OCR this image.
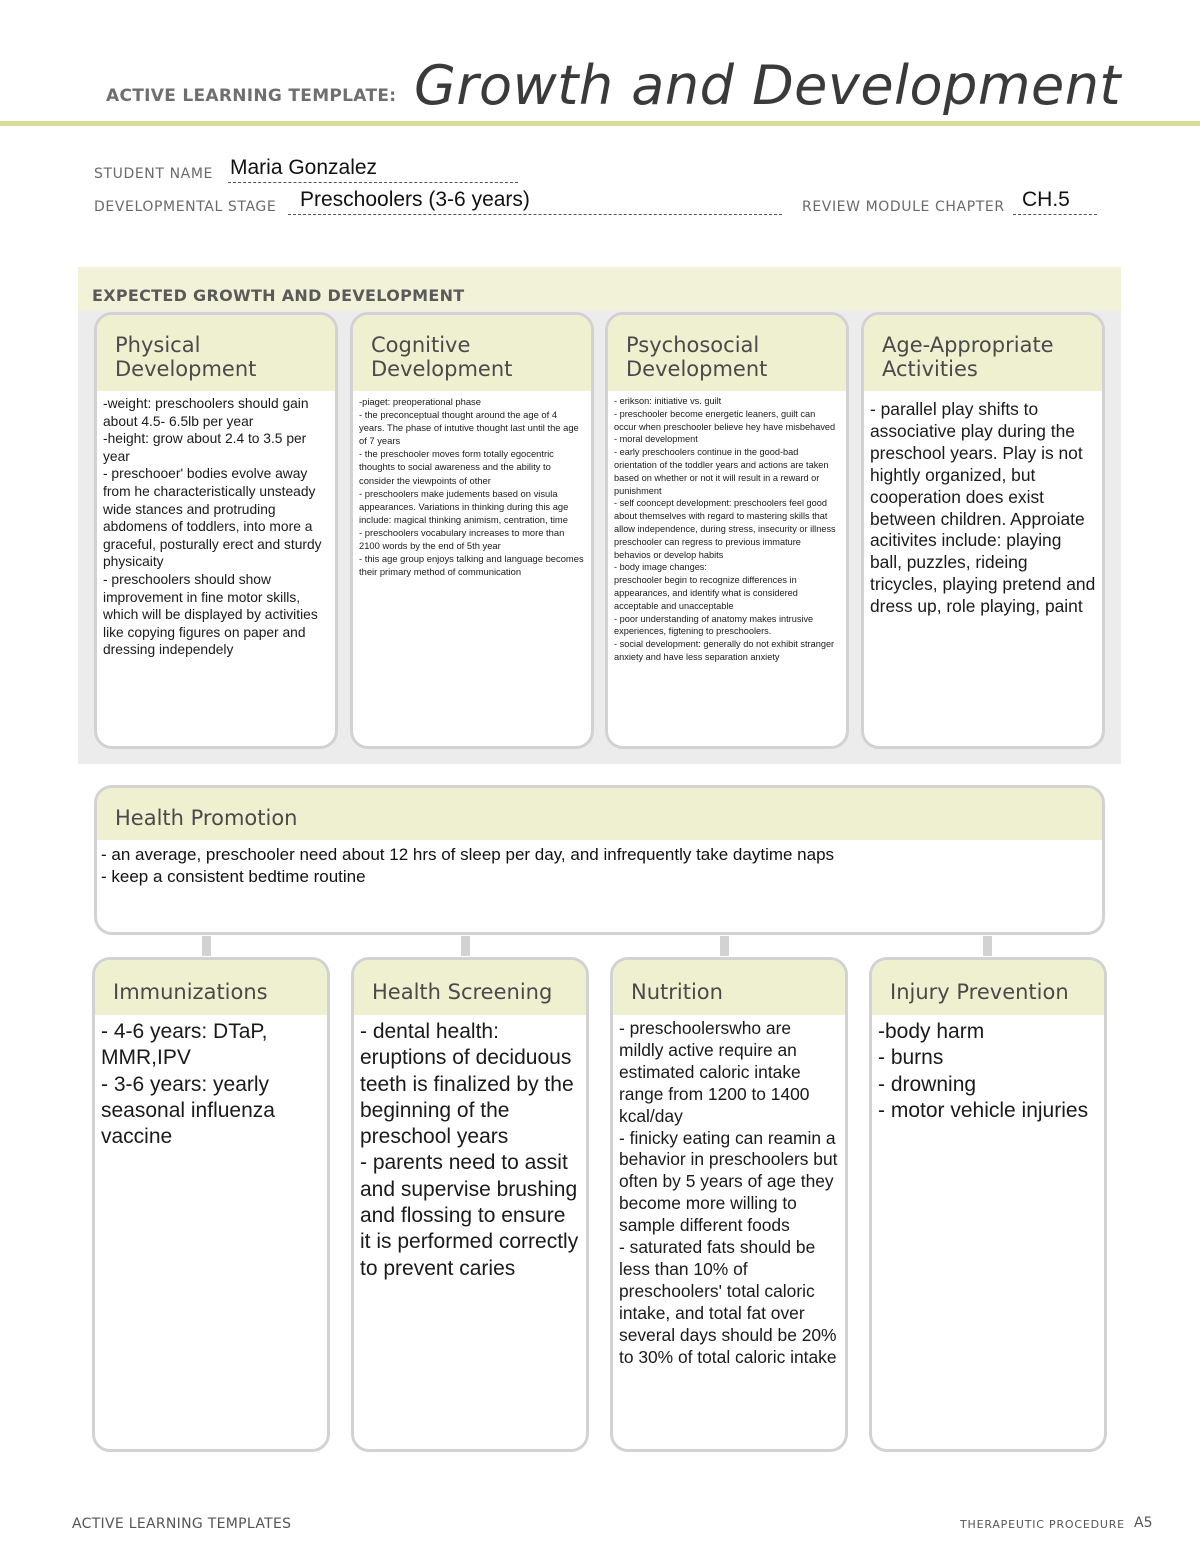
ACTIVE LEARNING TEMPLATE: Growth and Development
STUDENT NAME Maria Gonzalez
DEVELOPMENTAL STAGE Preschoolers (3-6 years)	REVIEW MODULE CHAPTER CH.5
EXPECTED GROWTH AND DEVELOPMENT
Physical
Development
-weight: preschoolers should gain about 4.5- 6.5lb per year
-height: grow about 2.4 to 3.5 per year
- preschooer' bodies evolve away from he characteristically unsteady wide stances and protruding abdomens of toddlers, into more a graceful, posturally erect and sturdy physicaity
- preschoolers should show improvement in fine motor skills, which will be displayed by activities like copying figures on paper and dressing independely
Cognitive
Development
-piaget: preoperational phase
- the preconceptual thought around the age of 4 years. The phase of intutive thought last until the age of 7 years
- the preschooler moves form totally egocentric thoughts to social awareness and the ability to consider the viewpoints of other
- preschoolers make judements based on visula appearances. Variations in thinking during this age include: magical thinking animism, centration, time
- preschoolers vocabulary increases to more than 2100 words by the end of 5th year
- this age group enjoys talking and language becomes their primary method of communication
Psychosocial
Development
- erikson: initiative vs. guilt
- preschooler become energetic leaners, guilt can occur when preschooler believe hey have misbehaved
- moral development
- early preschoolers continue in the good-bad orientation of the toddler years and actions are taken based on whether or not it will result in a reward or punishment
- self cooncept development: preschoolers feel good about themselves with regard to mastering skills that allow independence, during stress, insecurity or illness preschooler can regress to previous immature behavios or develop habits
- body image changes:
preschooler begin to recognize differences in appearances, and identify what is considered acceptable and unacceptable
- poor understanding of anatomy makes intrusive experiences, figtening to preschoolers.
- social development: generally do not exhibit stranger anxiety and have less separation anxiety
Age-Appropriate
Activities
- parallel play shifts to associative play during the preschool years. Play is not hightly organized, but cooperation does exist between children. Approiate acitivites include: playing ball, puzzles, rideing tricycles, playing pretend and dress up, role playing, paint
Health Promotion
- an average, preschooler need about 12 hrs of sleep per day, and infrequently take daytime naps
- keep a consistent bedtime routine
Immunizations
- 4-6 years: DTaP, MMR,IPV
- 3-6 years: yearly seasonal influenza vaccine
Health Screening
- dental health: eruptions of deciduous teeth is finalized by the beginning of the preschool years
- parents need to assit and supervise brushing and flossing to ensure it is performed correctly to prevent caries
Nutrition
- preschoolerswho are mildly active require an estimated caloric intake range from 1200 to 1400 kcal/day
- finicky eating can reamin a behavior in preschoolers but often by 5 years of age they become more willing to sample different foods
- saturated fats should be less than 10% of preschoolers' total caloric intake, and total fat over several days should be 20% to 30% of total caloric intake
Injury Prevention
-body harm
- burns
- drowning
- motor vehicle injuries
ACTIVE LEARNING TEMPLATES	THERAPEUTIC PROCEDURE A5
